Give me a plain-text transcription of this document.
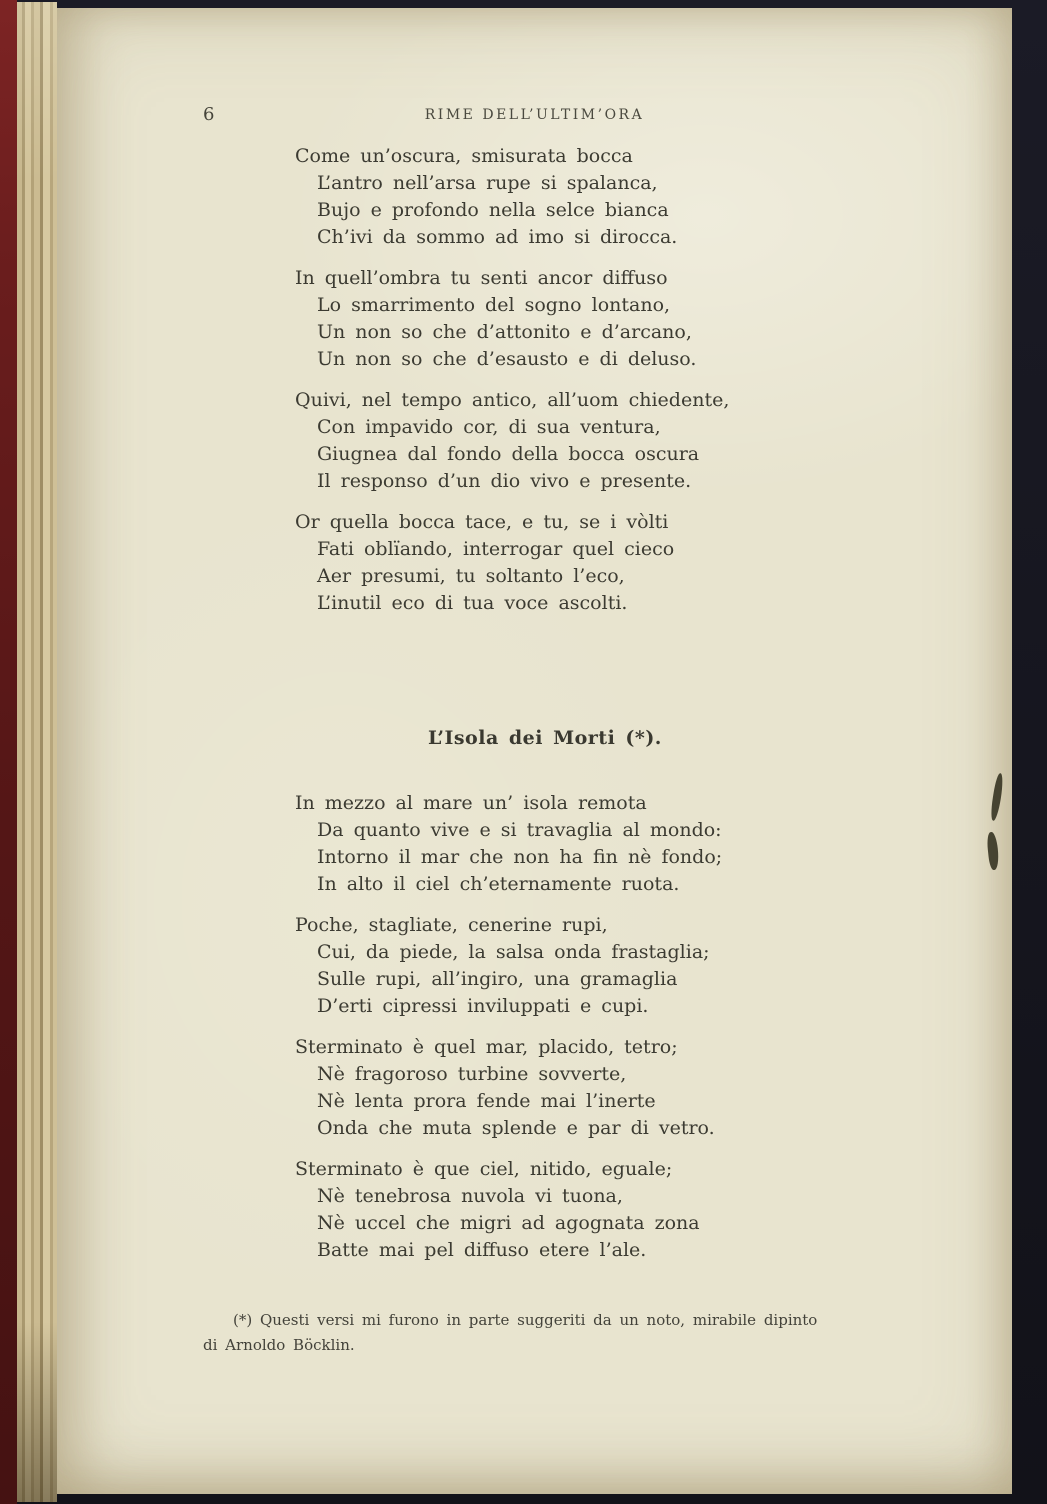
6	RIME DELL’ULTIM’ORA
Come un’oscura, smisurata bocca
L’antro nell’arsa rupe si spalanca,
Bujo e profondo nella selce bianca
Ch’ivi da sommo ad imo si dirocca.
In quell’ombra tu senti ancor diffuso
Lo smarrimento del sogno lontano,
Un non so che d’attonito e d’arcano,
Un non so che d’esausto e di deluso.
Quivi, nel tempo antico, all’uom chiedente,
Con impavido cor, di sua ventura,
Giugnea dal fondo della bocca oscura
Il responso d’un dio vivo e presente.
Or quella bocca tace, e tu, se i vòlti
Fati oblïando, interrogar quel cieco
Aer presumi, tu soltanto l’eco,
L’inutil eco di tua voce ascolti.
L’Isola dei Morti (*).
In mezzo al mare un’ isola remota
Da quanto vive e si travaglia al mondo:
Intorno il mar che non ha fin nè fondo;
In alto il ciel ch’eternamente ruota.
Poche, stagliate, cenerine rupi,
Cui, da piede, la salsa onda frastaglia;
Sulle rupi, all’ingiro, una gramaglia
D’erti cipressi inviluppati e cupi.
Sterminato è quel mar, placido, tetro;
Nè fragoroso turbine sovverte,
Nè lenta prora fende mai l’inerte
Onda che muta splende e par di vetro.
Sterminato è que ciel, nitido, eguale;
Nè tenebrosa nuvola vi tuona,
Nè uccel che migri ad agognata zona
Batte mai pel diffuso etere l’ale.
(*) Questi versi mi furono in parte suggeriti da un noto, mirabile dipinto
di Arnoldo Böcklin.
